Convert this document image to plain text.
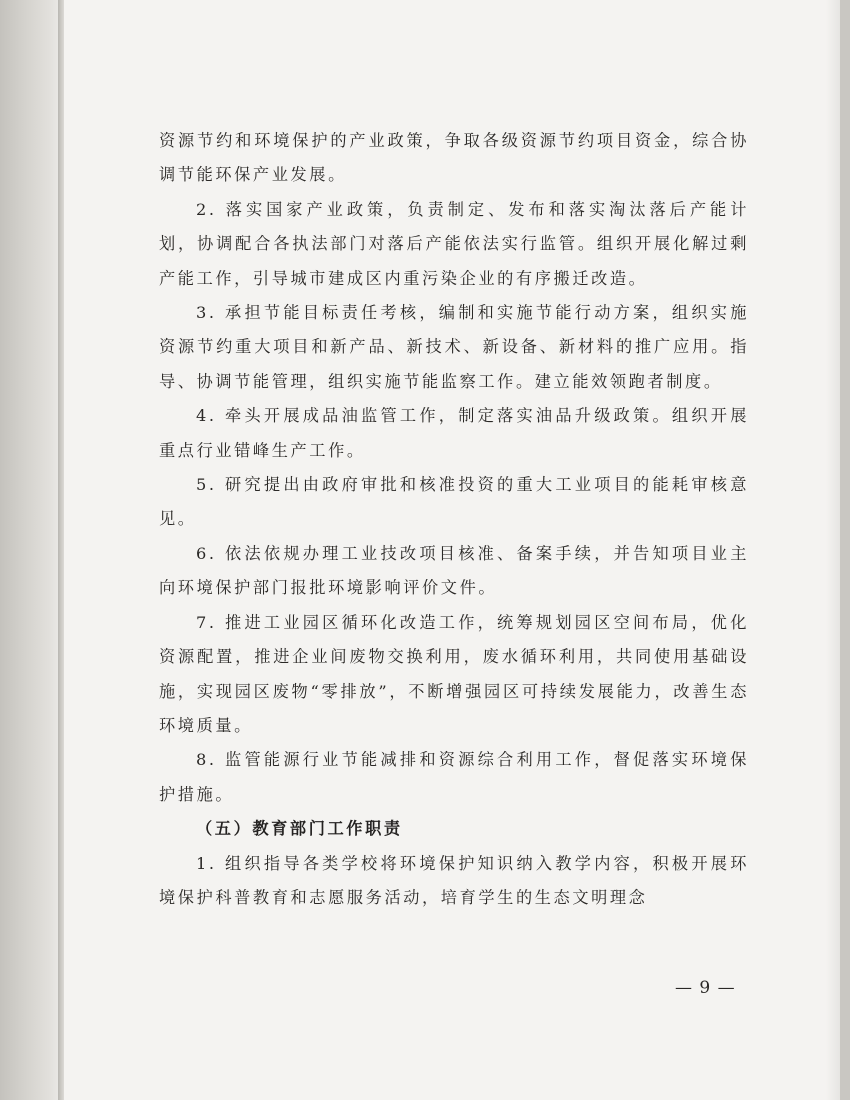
资源节约和环境保护的产业政策，争取各级资源节约项目资金，综合协调节能环保产业发展。

2. 落实国家产业政策，负责制定、发布和落实淘汰落后产能计划，协调配合各执法部门对落后产能依法实行监管。组织开展化解过剩产能工作，引导城市建成区内重污染企业的有序搬迁改造。

3. 承担节能目标责任考核，编制和实施节能行动方案，组织实施资源节约重大项目和新产品、新技术、新设备、新材料的推广应用。指导、协调节能管理，组织实施节能监察工作。建立能效领跑者制度。

4. 牵头开展成品油监管工作，制定落实油品升级政策。组织开展重点行业错峰生产工作。

5. 研究提出由政府审批和核准投资的重大工业项目的能耗审核意见。

6. 依法依规办理工业技改项目核准、备案手续，并告知项目业主向环境保护部门报批环境影响评价文件。

7. 推进工业园区循环化改造工作，统筹规划园区空间布局，优化资源配置，推进企业间废物交换利用，废水循环利用，共同使用基础设施，实现园区废物“零排放”，不断增强园区可持续发展能力，改善生态环境质量。

8. 监管能源行业节能减排和资源综合利用工作，督促落实环境保护措施。

（五）教育部门工作职责

1. 组织指导各类学校将环境保护知识纳入教学内容，积极开展环境保护科普教育和志愿服务活动，培育学生的生态文明理念

— 9 —
